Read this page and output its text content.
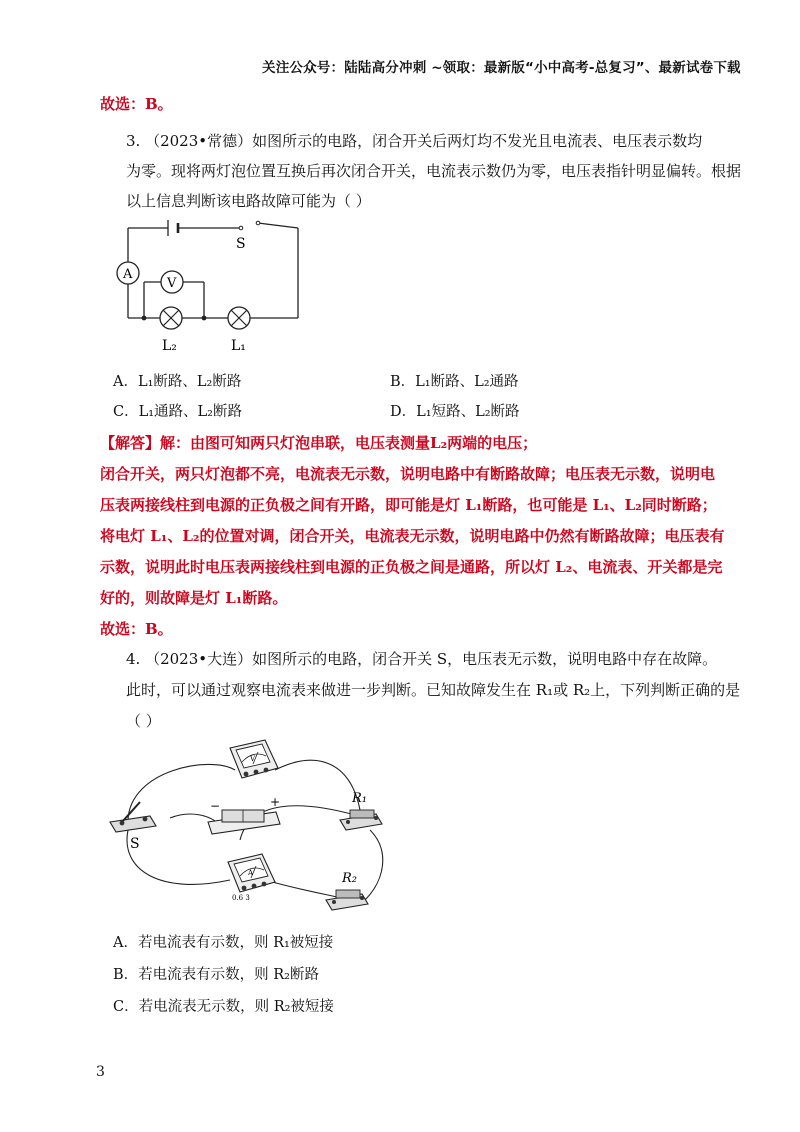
关注公众号：陆陆高分冲刺 ~领取：最新版“小中高考-总复习”、最新试卷下载
故选：B。
3. （2023•常德）如图所示的电路，闭合开关后两灯均不发光且电流表、电压表示数均
为零。现将两灯泡位置互换后再次闭合开关，电流表示数仍为零，电压表指针明显偏转。根据
以上信息判断该电路故障可能为（ ）
S
A
V
L₂	L₁
A．L₁断路、L₂断路	B．L₁断路、L₂通路
C．L₁通路、L₂断路	D．L₁短路、L₂断路
【解答】解：由图可知两只灯泡串联，电压表测量L₂两端的电压；
闭合开关，两只灯泡都不亮，电流表无示数，说明电路中有断路故障；电压表无示数，说明电
压表两接线柱到电源的正负极之间有开路，即可能是灯 L₁断路，也可能是 L₁、L₂同时断路；
将电灯 L₁、L₂的位置对调，闭合开关，电流表无示数，说明电路中仍然有断路故障；电压表有
示数，说明此时电压表两接线柱到电源的正负极之间是通路，所以灯 L₂、电流表、开关都是完
好的，则故障是灯 L₁断路。
故选：B。
4. （2023•大连）如图所示的电路，闭合开关 S，电压表无示数，说明电路中存在故障。
此时，可以通过观察电流表来做进一步判断。已知故障发生在 R₁或 R₂上，下列判断正确的是
（ ）
V
S
−	+	R₁
A
0.6 3
R₂
A．若电流表有示数，则 R₁被短接
B．若电流表有示数，则 R₂断路
C．若电流表无示数，则 R₂被短接
3
